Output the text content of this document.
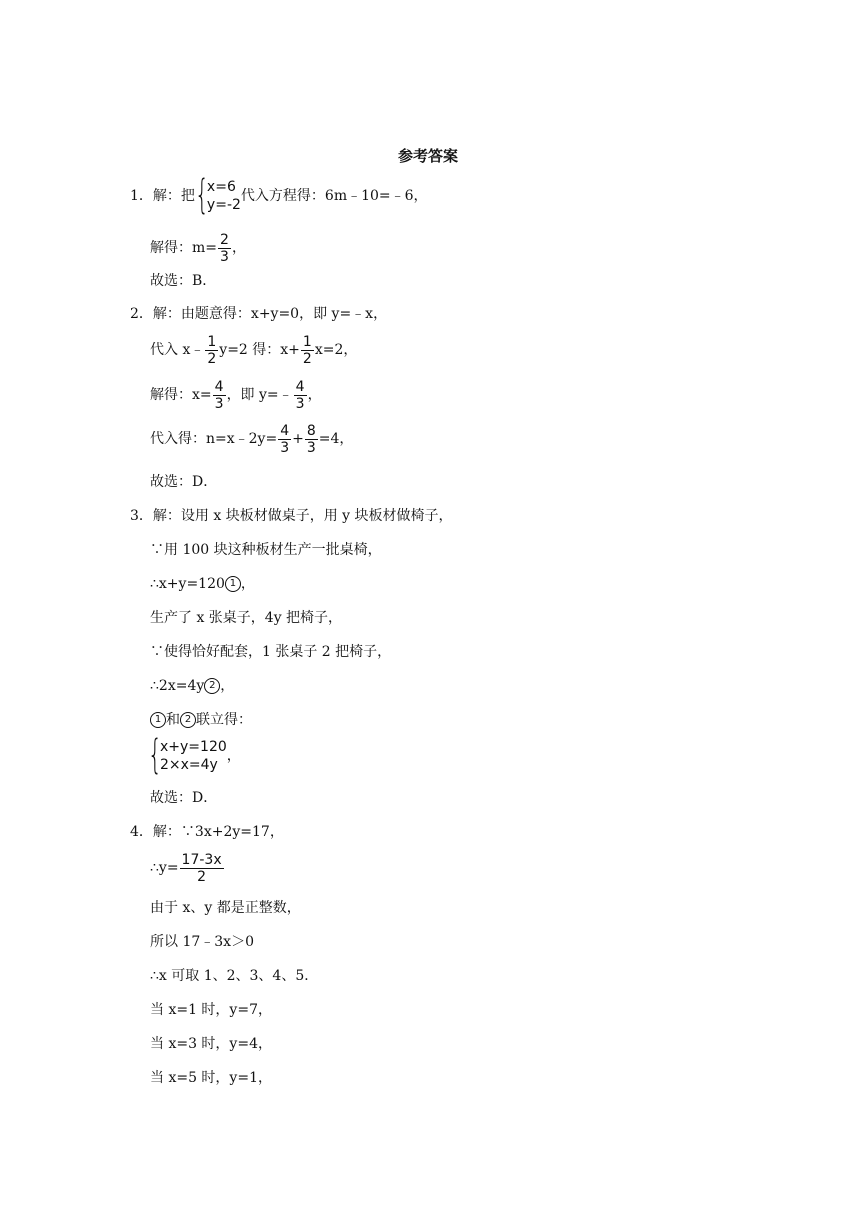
参考答案
1．解：把 {
x=6
y=-2
代入方程得：6m﹣10=﹣6，
解得：$m= \frac{2}{3}$ ，
故选：B．
2．解：由题意得：x+y=0，即 y=﹣x，
代入 x﹣ $\frac{1}{2} y=2$ 得：$x+ \frac{1}{2} x=2$，
解得：$x= \frac{4}{3}$ ，即 y=﹣ $\frac{4}{3}$ ，
代入得：n=x﹣2y= $\frac{4}{3} + \frac{8}{3} =4$，
故选：D．
3．解：设用 x 块板材做桌子，用 y 块板材做椅子，
∵用 100 块这种板材生产一批桌椅，
∴x+y=120 1 ，
生产了 x 张桌子，4y 把椅子，
∵使得恰好配套，1 张桌子 2 把椅子，
∴2x=4y 2 ，
1 和 2 联立得：
{
x+y=120
2×x=4y
，
故选：D．
4．解：∵3x+2y=17，
∴y= $\frac{17-3x}{2}$
由于 x、y 都是正整数，
所以 17﹣3x＞0
∴x 可取 1、2、3、4、5．
当 x=1 时，y=7，
当 x=3 时，y=4，
当 x=5 时，y=1，
